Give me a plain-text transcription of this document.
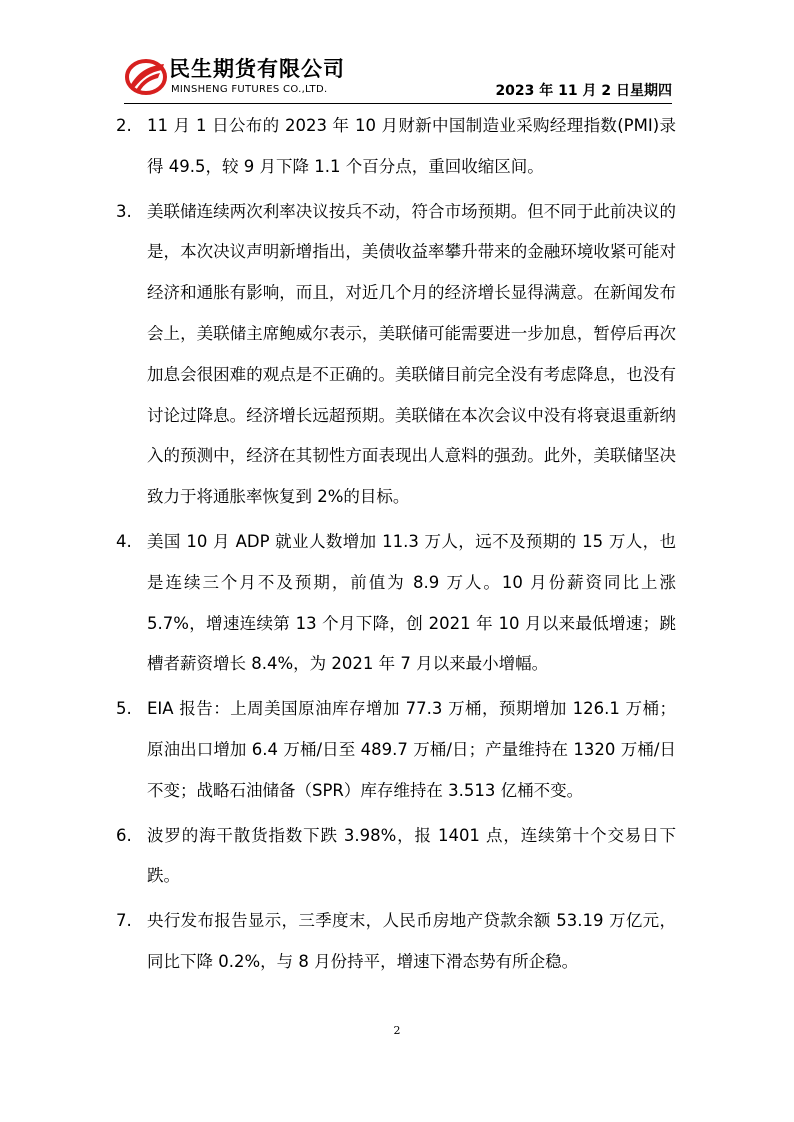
民生期货有限公司
MINSHENG FUTURES CO.,LTD.	2023 年 11 月 2 日星期四
2. 11 月 1 日公布的 2023 年 10 月财新中国制造业采购经理指数(PMI)录得 49.5，较 9 月下降 1.1 个百分点，重回收缩区间。
3. 美联储连续两次利率决议按兵不动，符合市场预期。但不同于此前决议的是，本次决议声明新增指出，美债收益率攀升带来的金融环境收紧可能对经济和通胀有影响，而且，对近几个月的经济增长显得满意。在新闻发布会上，美联储主席鲍威尔表示，美联储可能需要进一步加息，暂停后再次加息会很困难的观点是不正确的。美联储目前完全没有考虑降息，也没有讨论过降息。经济增长远超预期。美联储在本次会议中没有将衰退重新纳入的预测中，经济在其韧性方面表现出人意料的强劲。此外，美联储坚决致力于将通胀率恢复到 2%的目标。
4. 美国 10 月 ADP 就业人数增加 11.3 万人，远不及预期的 15 万人，也是连续三个月不及预期，前值为 8.9 万人。10 月份薪资同比上涨 5.7%，增速连续第 13 个月下降，创 2021 年 10 月以来最低增速；跳槽者薪资增长 8.4%，为 2021 年 7 月以来最小增幅。
5. EIA 报告：上周美国原油库存增加 77.3 万桶，预期增加 126.1 万桶；原油出口增加 6.4 万桶/日至 489.7 万桶/日；产量维持在 1320 万桶/日不变；战略石油储备（SPR）库存维持在 3.513 亿桶不变。
6. 波罗的海干散货指数下跌 3.98%，报 1401 点，连续第十个交易日下跌。
7. 央行发布报告显示，三季度末，人民币房地产贷款余额 53.19 万亿元，同比下降 0.2%，与 8 月份持平，增速下滑态势有所企稳。
2
